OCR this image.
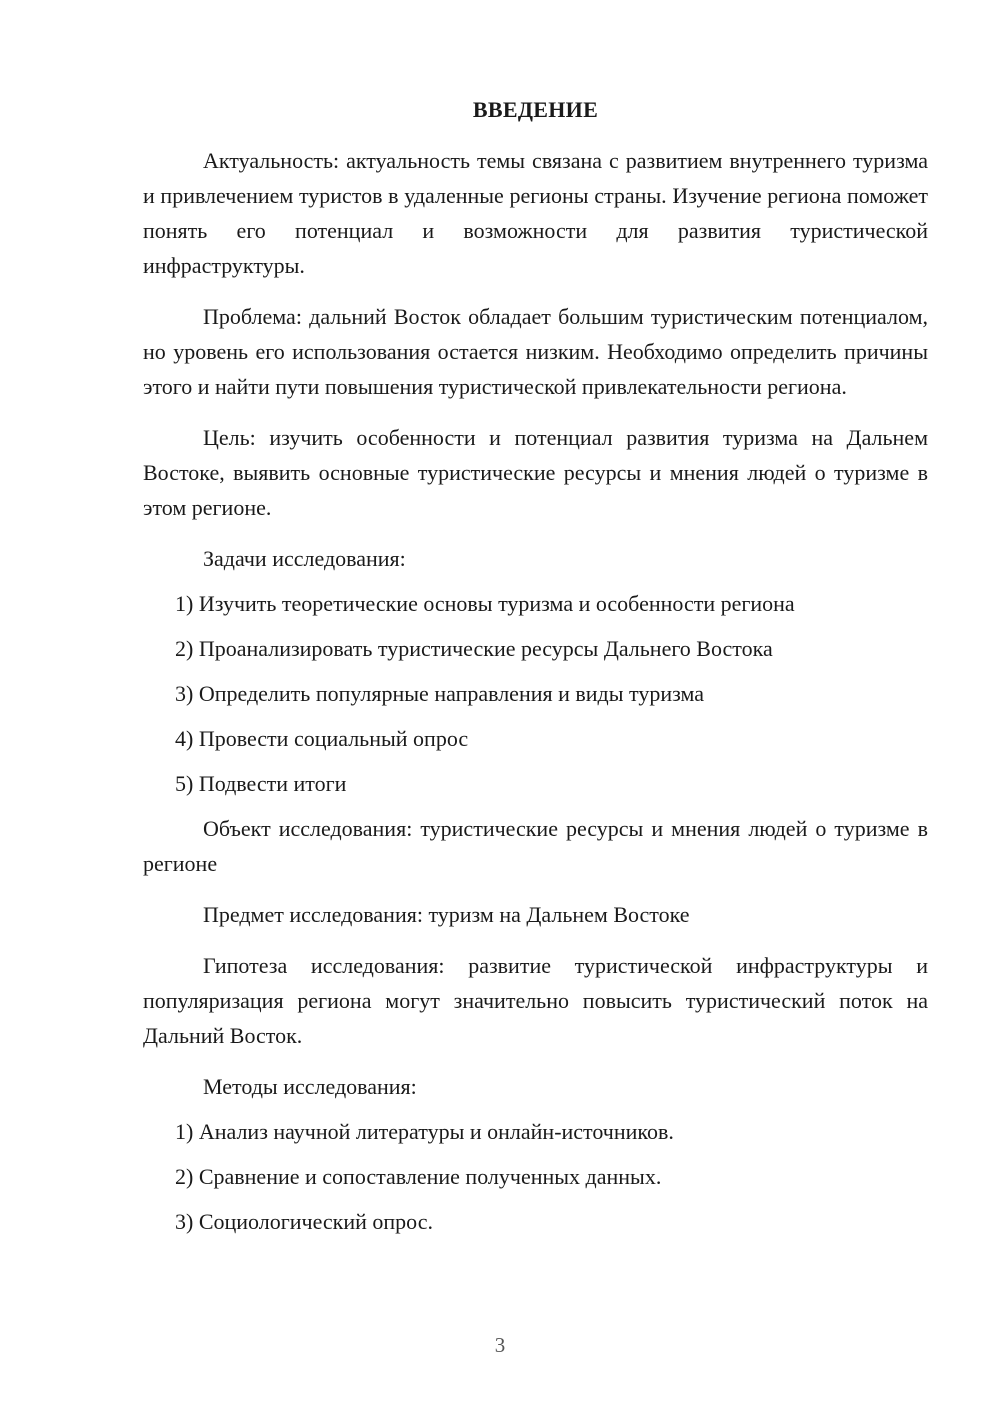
ВВЕДЕНИЕ

Актуальность: актуальность темы связана с развитием внутреннего туризма и привлечением туристов в удаленные регионы страны. Изучение региона поможет понять его потенциал и возможности для развития туристической инфраструктуры.

Проблема: дальний Восток обладает большим туристическим потенциалом, но уровень его использования остается низким. Необходимо определить причины этого и найти пути повышения туристической привлекательности региона.

Цель: изучить особенности и потенциал развития туризма на Дальнем Востоке, выявить основные туристические ресурсы и мнения людей о туризме в этом регионе.

Задачи исследования:

1) Изучить теоретические основы туризма и особенности региона

2) Проанализировать туристические ресурсы Дальнего Востока

3) Определить популярные направления и виды туризма

4) Провести социальный опрос

5) Подвести итоги

Объект исследования: туристические ресурсы и мнения людей о туризме в регионе

Предмет исследования: туризм на Дальнем Востоке

Гипотеза исследования: развитие туристической инфраструктуры и популяризация региона могут значительно повысить туристический поток на Дальний Восток.

Методы исследования:

1) Анализ научной литературы и онлайн-источников.

2) Сравнение и сопоставление полученных данных.

3) Социологический опрос.

3
